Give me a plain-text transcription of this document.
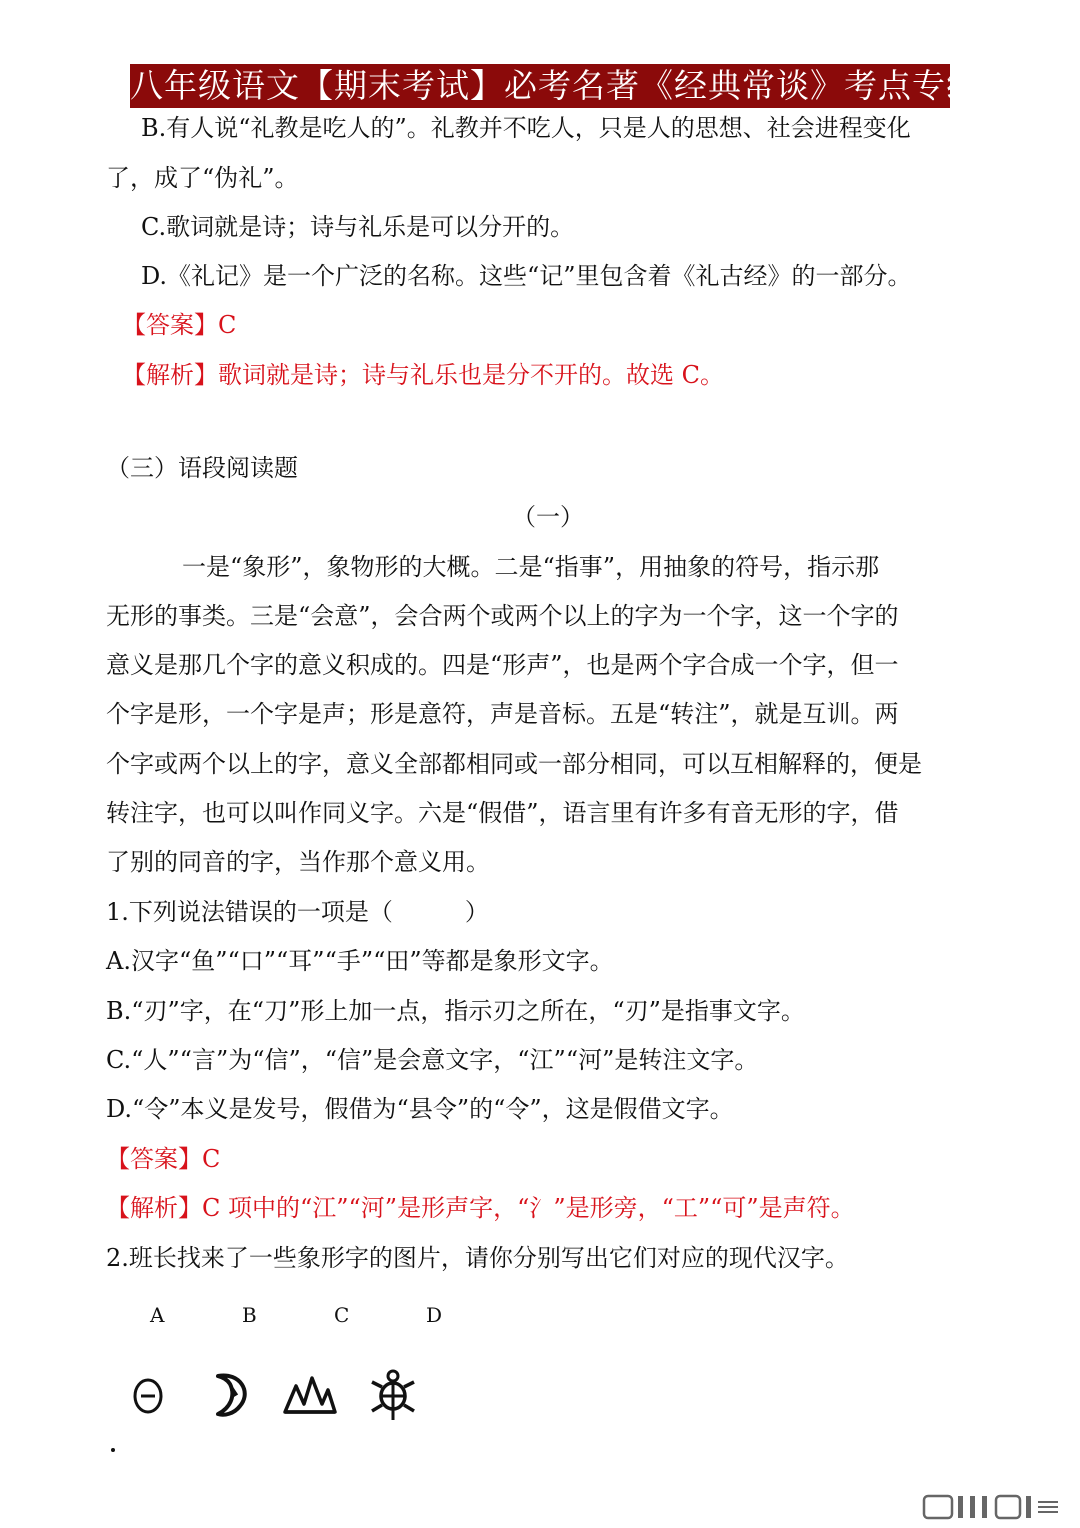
八年级语文【期末考试】必考名著《经典常谈》考点专练
B.有人说“礼教是吃人的”。礼教并不吃人，只是人的思想、社会进程变化
了，成了“伪礼”。
C.歌词就是诗；诗与礼乐是可以分开的。
D.《礼记》是一个广泛的名称。这些“记”里包含着《礼古经》的一部分。
【答案】C
【解析】歌词就是诗；诗与礼乐也是分不开的。故选 C。
（三）语段阅读题
（一）
一是“象形”，象物形的大概。二是“指事”，用抽象的符号，指示那
无形的事类。三是“会意”，会合两个或两个以上的字为一个字，这一个字的
意义是那几个字的意义积成的。四是“形声”，也是两个字合成一个字，但一
个字是形，一个字是声；形是意符，声是音标。五是“转注”，就是互训。两
个字或两个以上的字，意义全部都相同或一部分相同，可以互相解释的，便是
转注字，也可以叫作同义字。六是“假借”，语言里有许多有音无形的字，借
了别的同音的字，当作那个意义用。
1.下列说法错误的一项是（　　　）
A.汉字“鱼”“口”“耳”“手”“田”等都是象形文字。
B.“刃”字，在“刀”形上加一点，指示刃之所在，“刃”是指事文字。
C.“人”“言”为“信”，“信”是会意文字，“江”“河”是转注文字。
D.“令”本义是发号，假借为“县令”的“令”，这是假借文字。
【答案】C
【解析】C 项中的“江”“河”是形声字，“氵”是形旁，“工”“可”是声符。
2.班长找来了一些象形字的图片，请你分别写出它们对应的现代汉字。
A	B	C	D
